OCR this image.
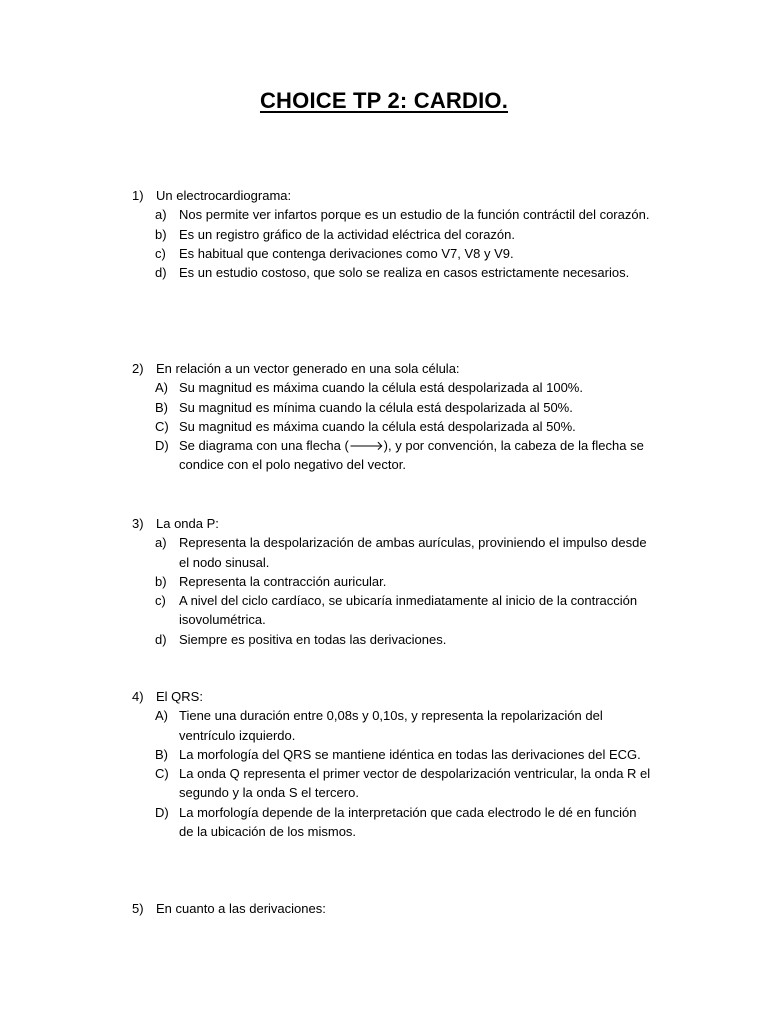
CHOICE TP 2: CARDIO.
1) Un electrocardiograma:
a) Nos permite ver infartos porque es un estudio de la función contráctil del corazón.
b) Es un registro gráfico de la actividad eléctrica del corazón.
c) Es habitual que contenga derivaciones como V7, V8 y V9.
d) Es un estudio costoso, que solo se realiza en casos estrictamente necesarios.
2) En relación a un vector generado en una sola célula:
A) Su magnitud es máxima cuando la célula está despolarizada al 100%.
B) Su magnitud es mínima cuando la célula está despolarizada al 50%.
C) Su magnitud es máxima cuando la célula está despolarizada al 50%.
D) Se diagrama con una flecha (🡒), y por convención, la cabeza de la flecha se condice con el polo negativo del vector.
3) La onda P:
a) Representa la despolarización de ambas aurículas, proviniendo el impulso desde el nodo sinusal.
b) Representa la contracción auricular.
c) A nivel del ciclo cardíaco, se ubicaría inmediatamente al inicio de la contracción isovolumétrica.
d) Siempre es positiva en todas las derivaciones.
4) El QRS:
A) Tiene una duración entre 0,08s y 0,10s, y representa la repolarización del ventrículo izquierdo.
B) La morfología del QRS se mantiene idéntica en todas las derivaciones del ECG.
C) La onda Q representa el primer vector de despolarización ventricular, la onda R el segundo y la onda S el tercero.
D) La morfología depende de la interpretación que cada electrodo le dé en función de la ubicación de los mismos.
5) En cuanto a las derivaciones:
